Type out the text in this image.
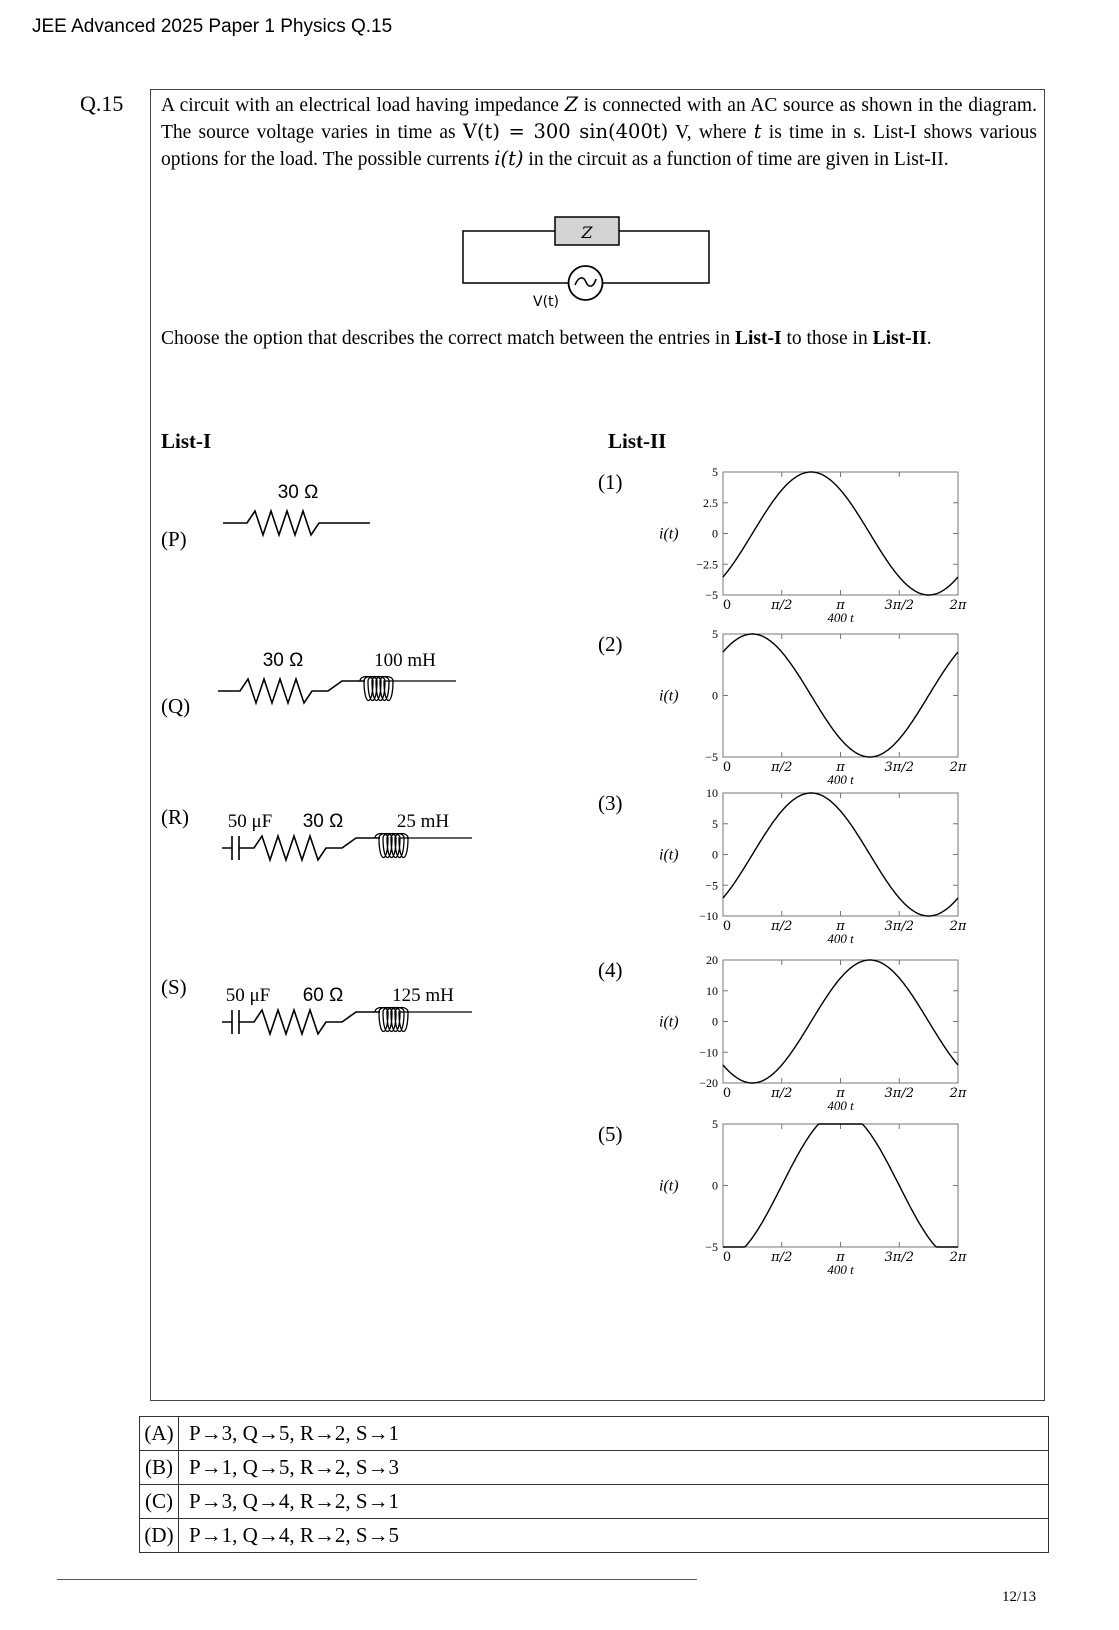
JEE Advanced 2025 Paper 1 Physics Q.15
Q.15 A circuit with an electrical load having impedance Z is connected with an AC source as shown in the diagram. The source voltage varies in time as V(t) = 300 sin(400t) V, where t is time in s. List-I shows various options for the load. The possible currents i(t) in the circuit as a function of time are given in List-II.
Z
V(t)
Choose the option that describes the correct match between the entries in List-I to those in List-II.
List-I	List-II
(P)
30 Ω
(Q)
30 Ω	100 mH
(R) 50 μF 30 Ω	25 mH
(S) 50 μF 60 Ω	125 mH
(1)	5
2.5
0
−2.5
−5
0	π/2	π	3π/2	2π
400 t
i(t)
(2)	5
0
−5
0	π/2	π	3π/2	2π
400 t
i(t)
(3)	10
5
0
−5
−10
0	π/2	π	3π/2	2π
400 t
i(t)
(4)	20
10
0
−10
−20
0	π/2	π	3π/2	2π
400 t
i(t)
(5)	5
0
−5
0	π/2	π	3π/2	2π
400 t
i(t)
(A)	P→3, Q→5, R→2, S→1
(B)	P→1, Q→5, R→2, S→3
(C)	P→3, Q→4, R→2, S→1
(D)	P→1, Q→4, R→2, S→5
12/13
